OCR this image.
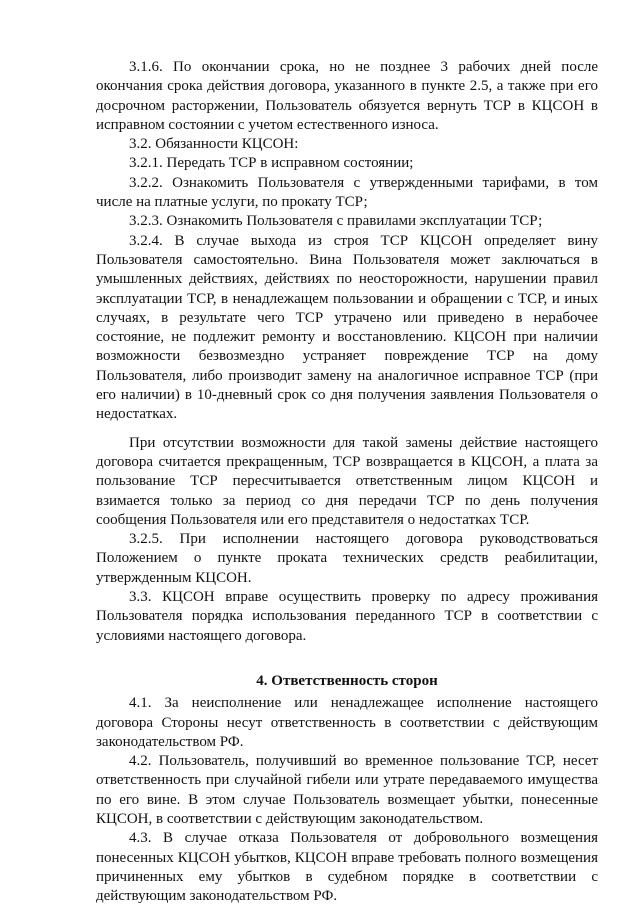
3.1.6. По окончании срока, но не позднее 3 рабочих дней после окончания срока действия договора, указанного в пункте 2.5, а также при его досрочном расторжении, Пользователь обязуется вернуть ТСР в КЦСОН в исправном состоянии с учетом естественного износа.

3.2. Обязанности КЦСОН:

3.2.1. Передать ТСР в исправном состоянии;

3.2.2. Ознакомить Пользователя с утвержденными тарифами, в том числе на платные услуги, по прокату ТСР;

3.2.3. Ознакомить Пользователя с правилами эксплуатации ТСР;

3.2.4. В случае выхода из строя ТСР КЦСОН определяет вину Пользователя самостоятельно. Вина Пользователя может заключаться в умышленных действиях, действиях по неосторожности, нарушении правил эксплуатации ТСР, в ненадлежащем пользовании и обращении с ТСР, и иных случаях, в результате чего ТСР утрачено или приведено в нерабочее состояние, не подлежит ремонту и восстановлению. КЦСОН при наличии возможности безвозмездно устраняет повреждение ТСР на дому Пользователя, либо производит замену на аналогичное исправное ТСР (при его наличии) в 10-дневный срок со дня получения заявления Пользователя о недостатках.

При отсутствии возможности для такой замены действие настоящего договора считается прекращенным, ТСР возвращается в КЦСОН, а плата за пользование ТСР пересчитывается ответственным лицом КЦСОН и взимается только за период со дня передачи ТСР по день получения сообщения Пользователя или его представителя о недостатках ТСР.

3.2.5. При исполнении настоящего договора руководствоваться Положением о пункте проката технических средств реабилитации, утвержденным КЦСОН.

3.3. КЦСОН вправе осуществить проверку по адресу проживания Пользователя порядка использования переданного ТСР в соответствии с условиями настоящего договора.

4. Ответственность сторон

4.1. За неисполнение или ненадлежащее исполнение настоящего договора Стороны несут ответственность в соответствии с действующим законодательством РФ.

4.2. Пользователь, получивший во временное пользование ТСР, несет ответственность при случайной гибели или утрате передаваемого имущества по его вине. В этом случае Пользователь возмещает убытки, понесенные КЦСОН, в соответствии с действующим законодательством.

4.3. В случае отказа Пользователя от добровольного возмещения понесенных КЦСОН убытков, КЦСОН вправе требовать полного возмещения причиненных ему убытков в судебном порядке в соответствии с действующим законодательством РФ.
